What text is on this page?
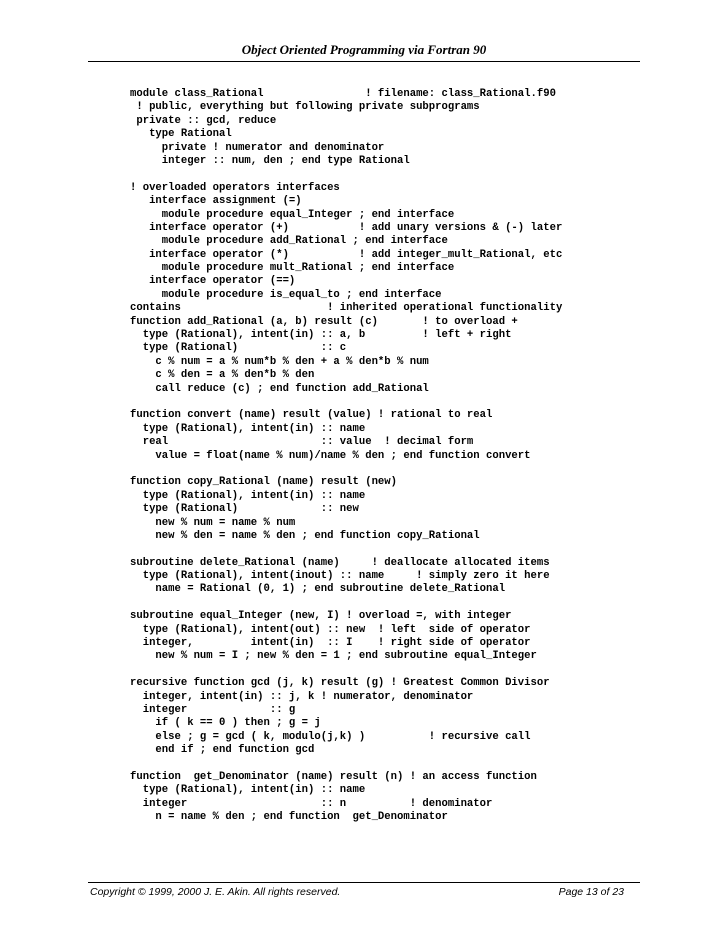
Object Oriented Programming via Fortran 90
module class_Rational                ! filename: class_Rational.f90
! public, everything but following private subprograms
private :: gcd, reduce
type Rational
private ! numerator and denominator
integer :: num, den ; end type Rational
! overloaded operators interfaces
interface assignment (=)
module procedure equal_Integer ; end interface
interface operator (+)           ! add unary versions & (-) later
module procedure add_Rational ; end interface
interface operator (*)           ! add integer_mult_Rational, etc
module procedure mult_Rational ; end interface
interface operator (==)
module procedure is_equal_to ; end interface
contains                       ! inherited operational functionality
function add_Rational (a, b) result (c)       ! to overload +
type (Rational), intent(in) :: a, b         ! left + right
type (Rational)             :: c
c % num = a % num*b % den + a % den*b % num
c % den = a % den*b % den
call reduce (c) ; end function add_Rational
function convert (name) result (value) ! rational to real
type (Rational), intent(in) :: name
real                        :: value  ! decimal form
value = float(name % num)/name % den ; end function convert
function copy_Rational (name) result (new)
type (Rational), intent(in) :: name
type (Rational)             :: new
new % num = name % num
new % den = name % den ; end function copy_Rational
subroutine delete_Rational (name)     ! deallocate allocated items
type (Rational), intent(inout) :: name     ! simply zero it here
name = Rational (0, 1) ; end subroutine delete_Rational
subroutine equal_Integer (new, I) ! overload =, with integer
type (Rational), intent(out) :: new  ! left  side of operator
integer,         intent(in)  :: I    ! right side of operator
new % num = I ; new % den = 1 ; end subroutine equal_Integer
recursive function gcd (j, k) result (g) ! Greatest Common Divisor
integer, intent(in) :: j, k ! numerator, denominator
integer             :: g
if ( k == 0 ) then ; g = j
else ; g = gcd ( k, modulo(j,k) )          ! recursive call
end if ; end function gcd
function  get_Denominator (name) result (n) ! an access function
type (Rational), intent(in) :: name
integer                     :: n          ! denominator
n = name % den ; end function  get_Denominator
Copyright © 1999, 2000 J. E. Akin. All rights reserved.	Page 13 of 23
